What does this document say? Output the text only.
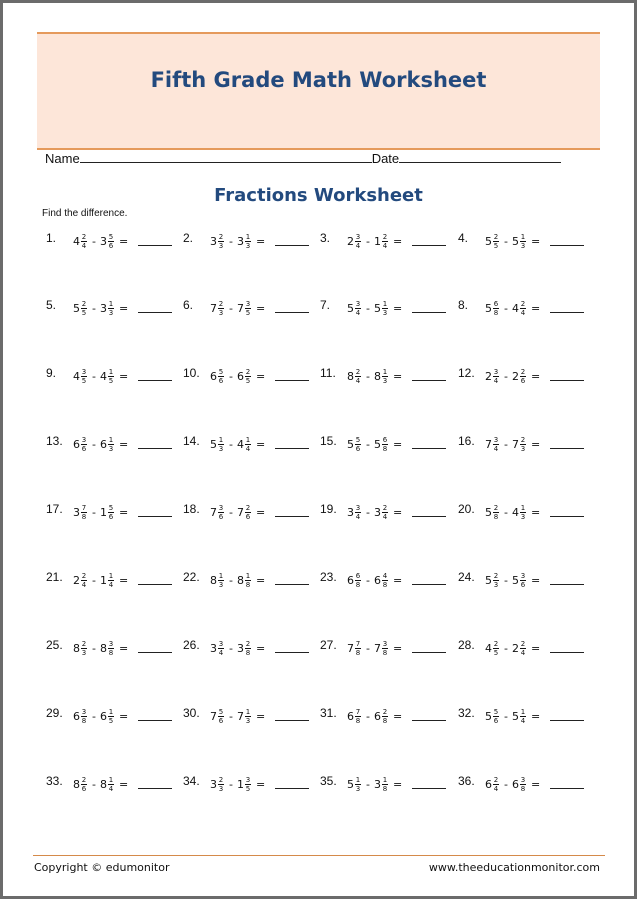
Fifth Grade Math Worksheet
Name	Date
Fractions Worksheet
Find the difference.
1. $4 \frac{2}{4} - 3 \frac{5}{6}$ =	2. $3 \frac{2}{3} - 3 \frac{1}{3}$ =	3. $2 \frac{3}{4} - 1 \frac{2}{4}$ =	4. $5 \frac{2}{5} - 5 \frac{1}{3}$ =
5. $5 \frac{2}{5} - 3 \frac{1}{3}$ =	6. $7 \frac{2}{3} - 7 \frac{3}{5}$ =	7. $5 \frac{3}{4} - 5 \frac{1}{3}$ =	8. $5 \frac{6}{8} - 4 \frac{2}{4}$ =
9. $4 \frac{3}{5} - 4 \frac{1}{5}$ =	10. $6 \frac{5}{6} - 6 \frac{2}{5}$ =	11. $8 \frac{2}{4} - 8 \frac{1}{3}$ =	12. $2 \frac{3}{4} - 2 \frac{2}{6}$ =
13. $6 \frac{3}{6} - 6 \frac{1}{3}$ =	14. $5 \frac{1}{3} - 4 \frac{1}{4}$ =	15. $5 \frac{5}{6} - 5 \frac{6}{8}$ =	16. $7 \frac{3}{4} - 7 \frac{2}{3}$ =
17. $3 \frac{7}{8} - 1 \frac{5}{6}$ =	18. $7 \frac{3}{6} - 7 \frac{2}{6}$ =	19. $3 \frac{3}{4} - 3 \frac{2}{4}$ =	20. $5 \frac{2}{8} - 4 \frac{1}{3}$ =
21. $2 \frac{2}{4} - 1 \frac{1}{4}$ =	22. $8 \frac{1}{3} - 8 \frac{1}{8}$ =	23. $6 \frac{6}{8} - 6 \frac{4}{8}$ =	24. $5 \frac{2}{3} - 5 \frac{3}{6}$ =
25. $8 \frac{2}{3} - 8 \frac{3}{8}$ =	26. $3 \frac{3}{4} - 3 \frac{2}{8}$ =	27. $7 \frac{7}{8} - 7 \frac{3}{8}$ =	28. $4 \frac{2}{5} - 2 \frac{2}{4}$ =
29. $6 \frac{3}{8} - 6 \frac{1}{5}$ =	30. $7 \frac{5}{6} - 7 \frac{1}{3}$ =	31. $6 \frac{7}{8} - 6 \frac{2}{8}$ =	32. $5 \frac{5}{6} - 5 \frac{1}{4}$ =
33. $8 \frac{2}{6} - 8 \frac{1}{4}$ =	34. $3 \frac{2}{3} - 1 \frac{3}{5}$ =	35. $5 \frac{1}{3} - 3 \frac{1}{8}$ =	36. $6 \frac{2}{4} - 6 \frac{3}{8}$ =
Copyright © edumonitor	www.theeducationmonitor.com
